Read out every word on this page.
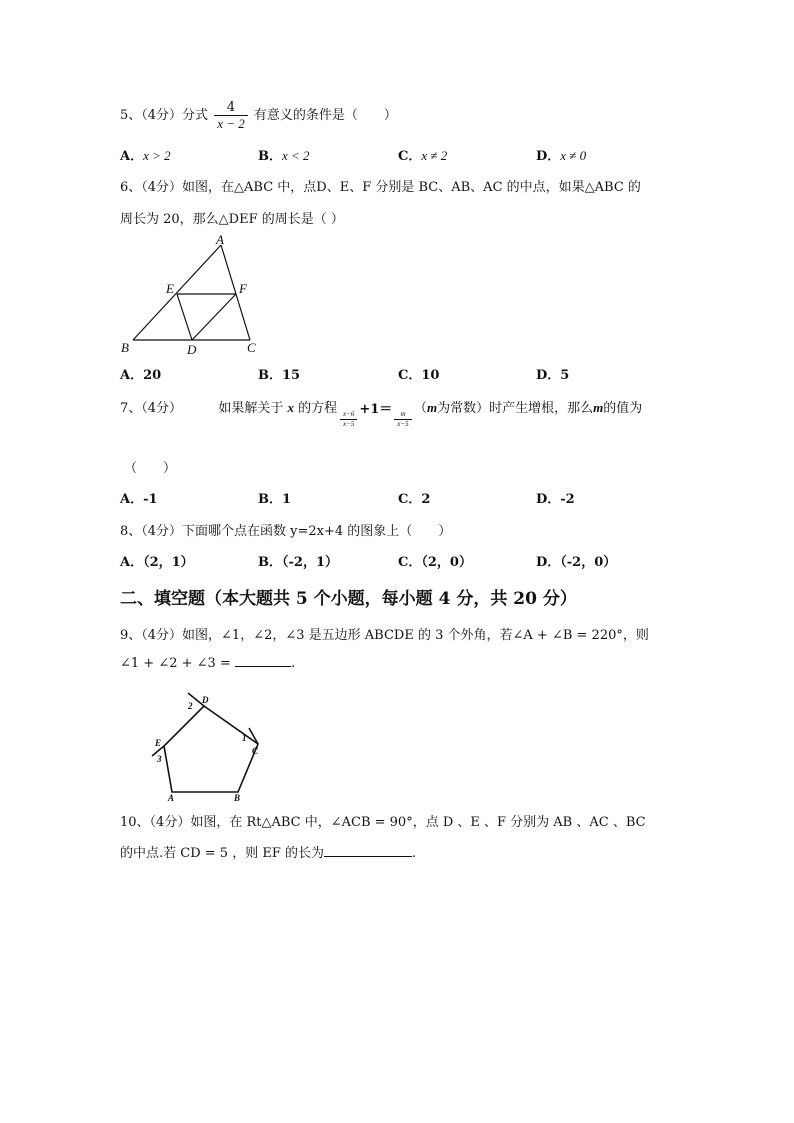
5、（4分）分式 $\frac{4}{x - 2}$ 有意义的条件是（　　）
A．x > 2	B．x < 2	C．x ≠ 2	D．x ≠ 0
6、（4分）如图，在△ABC 中，点D、E、F 分别是 BC、AB、AC 的中点，如果△ABC 的
周长为 20，那么△DEF 的周长是（ ）
A
B	C
D
E	F
A．20	B．15	C．10	D．5
7、（4分）	如果解关于 x 的方程
$\frac{x-6}{x-5}$
+1＝
$\frac{m}{x-5}$
（m为常数）时产生增根，那么m的值为
（　　）
A．-1	B．1	C．2	D．-2
8、（4分）下面哪个点在函数 y=2x+4 的图象上（　　）
A．（2，1）	B．（-2，1）	C．（2，0）	D．（-2，0）
二、填空题（本大题共 5 个小题，每小题 4 分，共 20 分）
9、（4分）如图，∠1，∠2，∠3 是五边形 ABCDE 的 3 个外角，若∠A + ∠B = 220°，则
∠1 + ∠2 + ∠3 =	.
A	B
C
D
E	1
2
3
10、（4分）如图，在 Rt△ABC 中，∠ACB = 90°，点 D 、E 、F 分别为 AB 、AC 、BC
的中点.若 CD = 5 ，则 EF 的长为	.
